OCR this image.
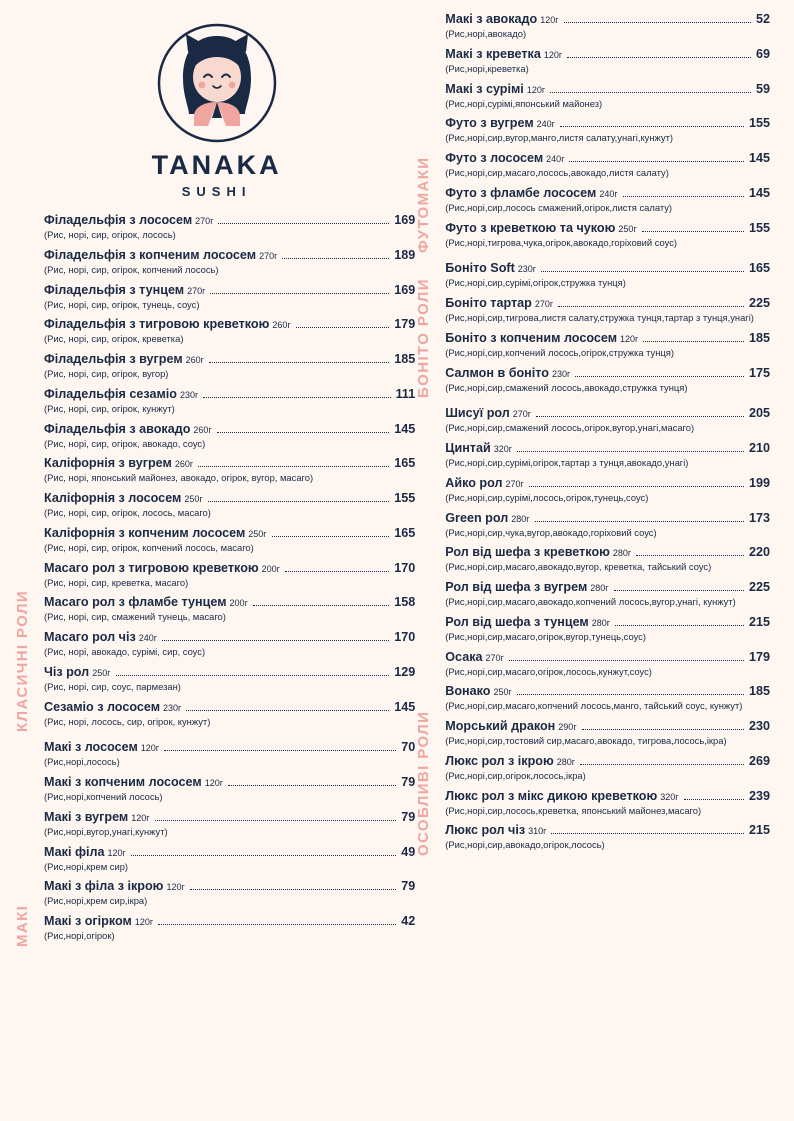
TANAKA
SUSHI
КЛАСИЧНІ РОЛИ
Філадельфія з лососем 270г	169
(Рис, норі, сир, огірок, лосось)
Філадельфія з копченим лососем 270г	189
(Рис, норі, сир, огірок, копчений лосось)
Філадельфія з тунцем 270г	169
(Рис, норі, сир, огірок, тунець, соус)
Філадельфія з тигровою креветкою 260г	179
(Рис, норі, сир, огірок, креветка)
Філадельфія з вугрем 260г	185
(Рис, норі, сир, огірок, вугор)
Філадельфія сезаміо 230г	111
(Рис, норі, сир, огірок, кунжут)
Філадельфія з авокадо 260г	145
(Рис, норі, сир, огірок, авокадо, соус)
Каліфорнія з вугрем 260г	165
(Рис, норі, японський майонез, авокадо, огірок, вугор, масаго)
Каліфорнія з лососем 250г	155
(Рис, норі, сир, огірок, лосось, масаго)
Каліфорнія з копченим лососем 250г	165
(Рис, норі, сир, огірок, копчений лосось, масаго)
Масаго рол з тигровою креветкою 200г	170
(Рис, норі, сир, креветка, масаго)
Масаго рол з фламбе тунцем 200г	158
(Рис, норі, сир, смажений тунець, масаго)
Масаго рол чіз 240г	170
(Рис, норі, авокадо, сурімі, сир, соус)
Чіз рол 250г	129
(Рис, норі, сир, соус, пармезан)
Сезаміо з лососем 230г	145
(Рис, норі, лосось, сир, огірок, кунжут)
МАКІ
Макі з лососем 120г	70
(Рис,норі,лосось)
Макі з копченим лососем 120г	79
(Рис,норі,копчений лосось)
Макі з вугрем 120г	79
(Рис,норі,вугор,унагі,кунжут)
Макі філа 120г	49
(Рис,норі,крем сир)
Макі з філа з ікрою 120г	79
(Рис,норі,крем сир,ікра)
Макі з огірком 120г	42
(Рис,норі,огірок)
ФУТОМАКИ
Макі з авокадо 120г	52
(Рис,норі,авокадо)
Макі з креветка 120г	69
(Рис,норі,креветка)
Макі з сурімі 120г	59
(Рис,норі,сурімі,японський майонез)
Футо з вугрем 240г	155
(Рис,норі,сир,вугор,манго,листя салату,унагі,кунжут)
Футо з лососем 240г	145
(Рис,норі,сир,масаго,лосось,авокадо,листя салату)
Футо з фламбе лососем 240г	145
(Рис,норі,сир,лосось смажений,огірок,листя салату)
Футо з креветкою та чукою 250г	155
(Рис,норі,тигрова,чука,огірок,авокадо,горіховий соус)
БОНІТО РОЛИ
Боніто Soft 230г	165
(Рис,норі,сир,сурімі,огірок,стружка тунця)
Боніто тартар 270г	225
(Рис,норі,сир,тигрова,листя салату,стружка тунця,тартар з тунця,унагі)
Боніто з копченим лососем 120г	185
(Рис,норі,сир,копчений лосось,огірок,стружка тунця)
Салмон в боніто 230г	175
(Рис,норі,сир,смажений лосось,авокадо,стружка тунця)
ОСОБЛИВІ РОЛИ
Шисуї рол 270г	205
(Рис,норі,сир,смажений лосось,огірок,вугор,унагі,масаго)
Цинтай 320г	210
(Рис,норі,сир,сурімі,огірок,тартар з тунця,авокадо,унагі)
Айко рол 270г	199
(Рис,норі,сир,сурімі,лосось,огірок,тунець,соус)
Green рол 280г	173
(Рис,норі,сир,чука,вугор,авокадо,горіховий соус)
Рол від шефа з креветкою 280г	220
(Рис,норі,сир,масаго,авокадо,вугор, креветка, тайський соус)
Рол від шефа з вугрем 280г	225
(Рис,норі,сир,масаго,авокадо,копчений лосось,вугор,унагі, кунжут)
Рол від шефа з тунцем 280г	215
(Рис,норі,сир,масаго,огірок,вугор,тунець,соус)
Осака 270г	179
(Рис,норі,сир,масаго,огірок,лосось,кунжут,соус)
Вонако 250г	185
(Рис,норі,сир,масаго,копчений лосось,манго, тайський соус, кунжут)
Морський дракон 290г	230
(Рис,норі,сир,тостовий сир,масаго,авокадо, тигрова,лосось,ікра)
Люкс рол з ікрою 280г	269
(Рис,норі,сир,огірок,лосось,ікра)
Люкс рол з мікс дикою креветкою 320г	239
(Рис,норі,сир,лосось,креветка, японський майонез,масаго)
Люкс рол чіз 310г	215
(Рис,норі,сир,авокадо,огірок,лосось)
